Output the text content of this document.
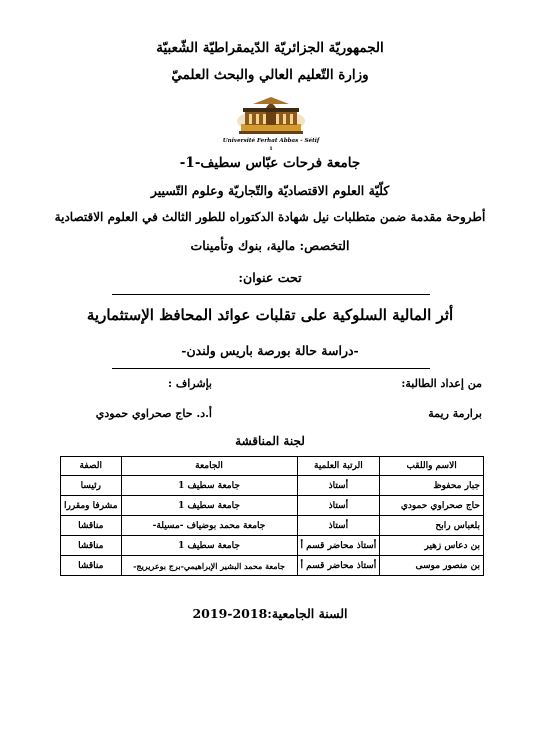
الجمهوريّة الجزائريّة الدّيمقراطيّة الشّعبيّة
وزارة التّعليم العالي والبحث العلميّ
Université Ferhat Abbas - Sétif
1
جامعة فرحات عبّاس سطيف-1-
كلّيّة العلوم الاقتصاديّة والتّجاريّة وعلوم التّسيير
أطروحة مقدمة ضمن متطلبات نيل شهادة الدكتوراه للطور الثالث في العلوم الاقتصادية
التخصص: مالية، بنوك وتأمينات
تحت عنوان:
أثر المالية السلوكية على تقلبات عوائد المحافظ الإستثمارية
-دراسة حالة بورصة باريس ولندن-
من إعداد الطالبة:
بإشراف :
برارمة ريمة
أ.د. حاج صحراوي حمودي
لجنة المناقشة
الاسم واللقب	الرتبة العلمية	الجامعة	الصفة
جبار محفوظ	أستاذ	جامعة سطيف 1	رئيسا
حاج صحراوي حمودي	أستاذ	جامعة سطيف 1	مشرفا ومقررا
بلعباس رابح	أستاذ	جامعة محمد بوضياف -مسيلة-	مناقشا
بن دعاس زهير	أستاذ محاضر قسم أ	جامعة سطيف 1	مناقشا
بن منصور موسى	أستاذ محاضر قسم أ	جامعة محمد البشير الإبراهيمي-برج بوعريريج-	مناقشا
السنة الجامعية:2018-2019
